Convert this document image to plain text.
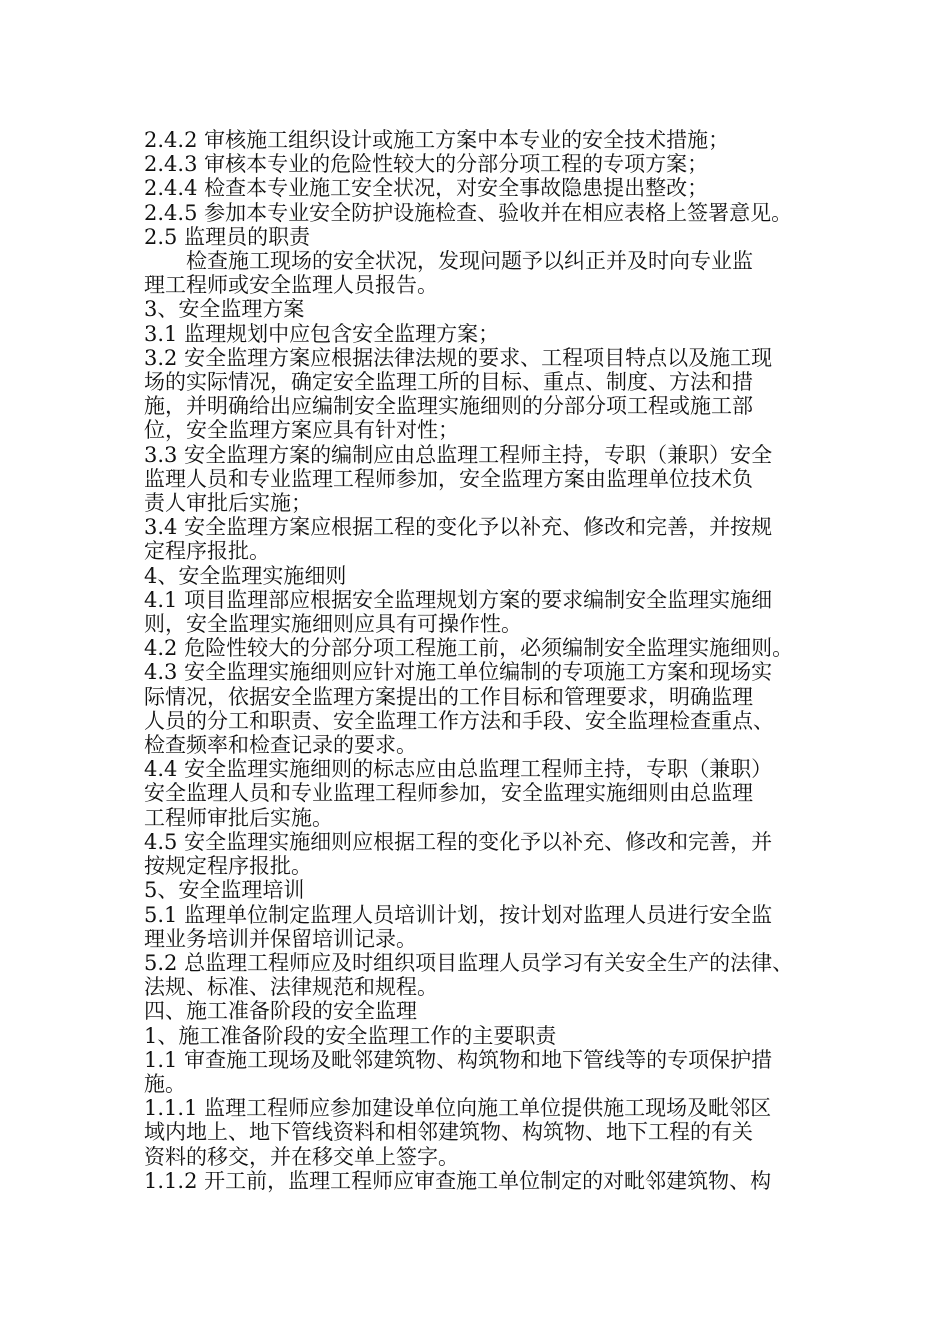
2.4.2 审核施工组织设计或施工方案中本专业的安全技术措施；
2.4.3 审核本专业的危险性较大的分部分项工程的专项方案；
2.4.4 检查本专业施工安全状况，对安全事故隐患提出整改；
2.4.5 参加本专业安全防护设施检查、验收并在相应表格上签署意见。
2.5 监理员的职责
检查施工现场的安全状况，发现问题予以纠正并及时向专业监
理工程师或安全监理人员报告。
3、安全监理方案
3.1 监理规划中应包含安全监理方案；
3.2 安全监理方案应根据法律法规的要求、工程项目特点以及施工现
场的实际情况，确定安全监理工所的目标、重点、制度、方法和措
施，并明确给出应编制安全监理实施细则的分部分项工程或施工部
位，安全监理方案应具有针对性；
3.3 安全监理方案的编制应由总监理工程师主持，专职（兼职）安全
监理人员和专业监理工程师参加，安全监理方案由监理单位技术负
责人审批后实施；
3.4 安全监理方案应根据工程的变化予以补充、修改和完善，并按规
定程序报批。
4、安全监理实施细则
4.1 项目监理部应根据安全监理规划方案的要求编制安全监理实施细
则，安全监理实施细则应具有可操作性。
4.2 危险性较大的分部分项工程施工前，必须编制安全监理实施细则。
4.3 安全监理实施细则应针对施工单位编制的专项施工方案和现场实
际情况，依据安全监理方案提出的工作目标和管理要求，明确监理
人员的分工和职责、安全监理工作方法和手段、安全监理检查重点、
检查频率和检查记录的要求。
4.4 安全监理实施细则的标志应由总监理工程师主持，专职（兼职）
安全监理人员和专业监理工程师参加，安全监理实施细则由总监理
工程师审批后实施。
4.5 安全监理实施细则应根据工程的变化予以补充、修改和完善，并
按规定程序报批。
5、安全监理培训
5.1 监理单位制定监理人员培训计划，按计划对监理人员进行安全监
理业务培训并保留培训记录。
5.2 总监理工程师应及时组织项目监理人员学习有关安全生产的法律、
法规、标准、法律规范和规程。
四、施工准备阶段的安全监理
1、施工准备阶段的安全监理工作的主要职责
1.1 审查施工现场及毗邻建筑物、构筑物和地下管线等的专项保护措
施。
1.1.1 监理工程师应参加建设单位向施工单位提供施工现场及毗邻区
域内地上、地下管线资料和相邻建筑物、构筑物、地下工程的有关
资料的移交，并在移交单上签字。
1.1.2 开工前，监理工程师应审查施工单位制定的对毗邻建筑物、构
